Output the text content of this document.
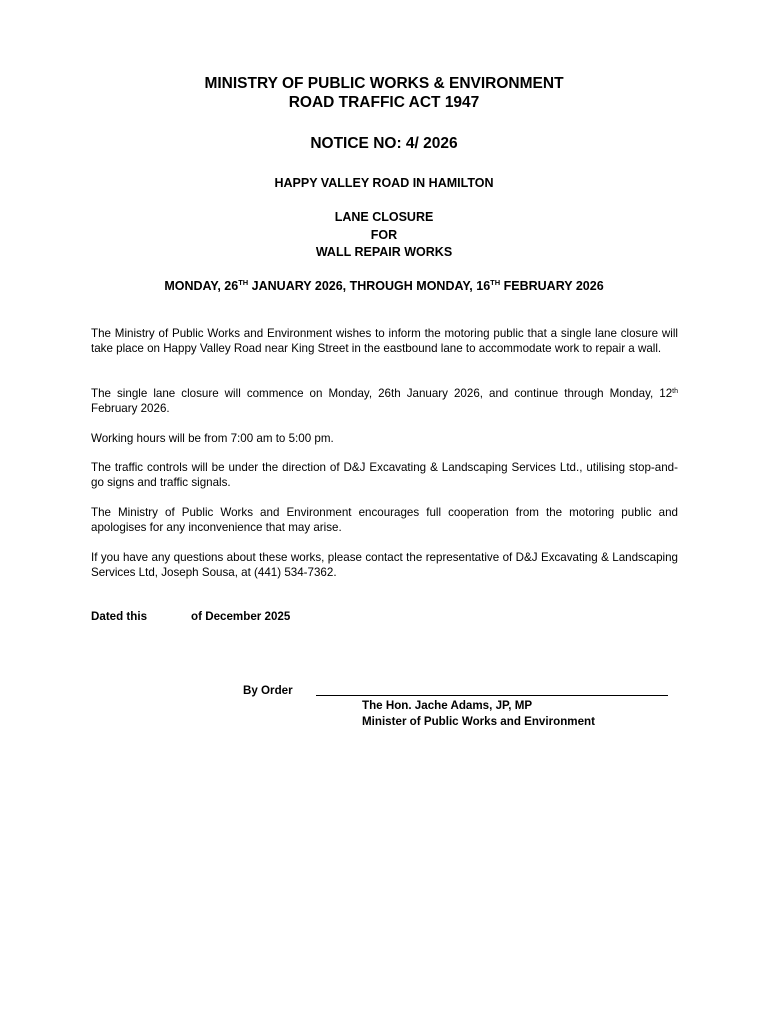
MINISTRY OF PUBLIC WORKS & ENVIRONMENT
ROAD TRAFFIC ACT 1947
NOTICE NO: 4/ 2026

HAPPY VALLEY ROAD IN HAMILTON

LANE CLOSURE
FOR
WALL REPAIR WORKS

MONDAY, 26TH JANUARY 2026, THROUGH MONDAY, 16TH FEBRUARY 2026

The Ministry of Public Works and Environment wishes to inform the motoring public that a single lane closure will take place on Happy Valley Road near King Street in the eastbound lane to accommodate work to repair a wall.

The single lane closure will commence on Monday, 26th January 2026, and continue through Monday, 12th February 2026.

Working hours will be from 7:00 am to 5:00 pm.

The traffic controls will be under the direction of D&J Excavating & Landscaping Services Ltd., utilising stop-and-go signs and traffic signals.

The Ministry of Public Works and Environment encourages full cooperation from the motoring public and apologises for any inconvenience that may arise.

If you have any questions about these works, please contact the representative of D&J Excavating & Landscaping Services Ltd, Joseph Sousa, at (441) 534-7362.

Dated this	of December 2025

By Order
The Hon. Jache Adams, JP, MP
Minister of Public Works and Environment
